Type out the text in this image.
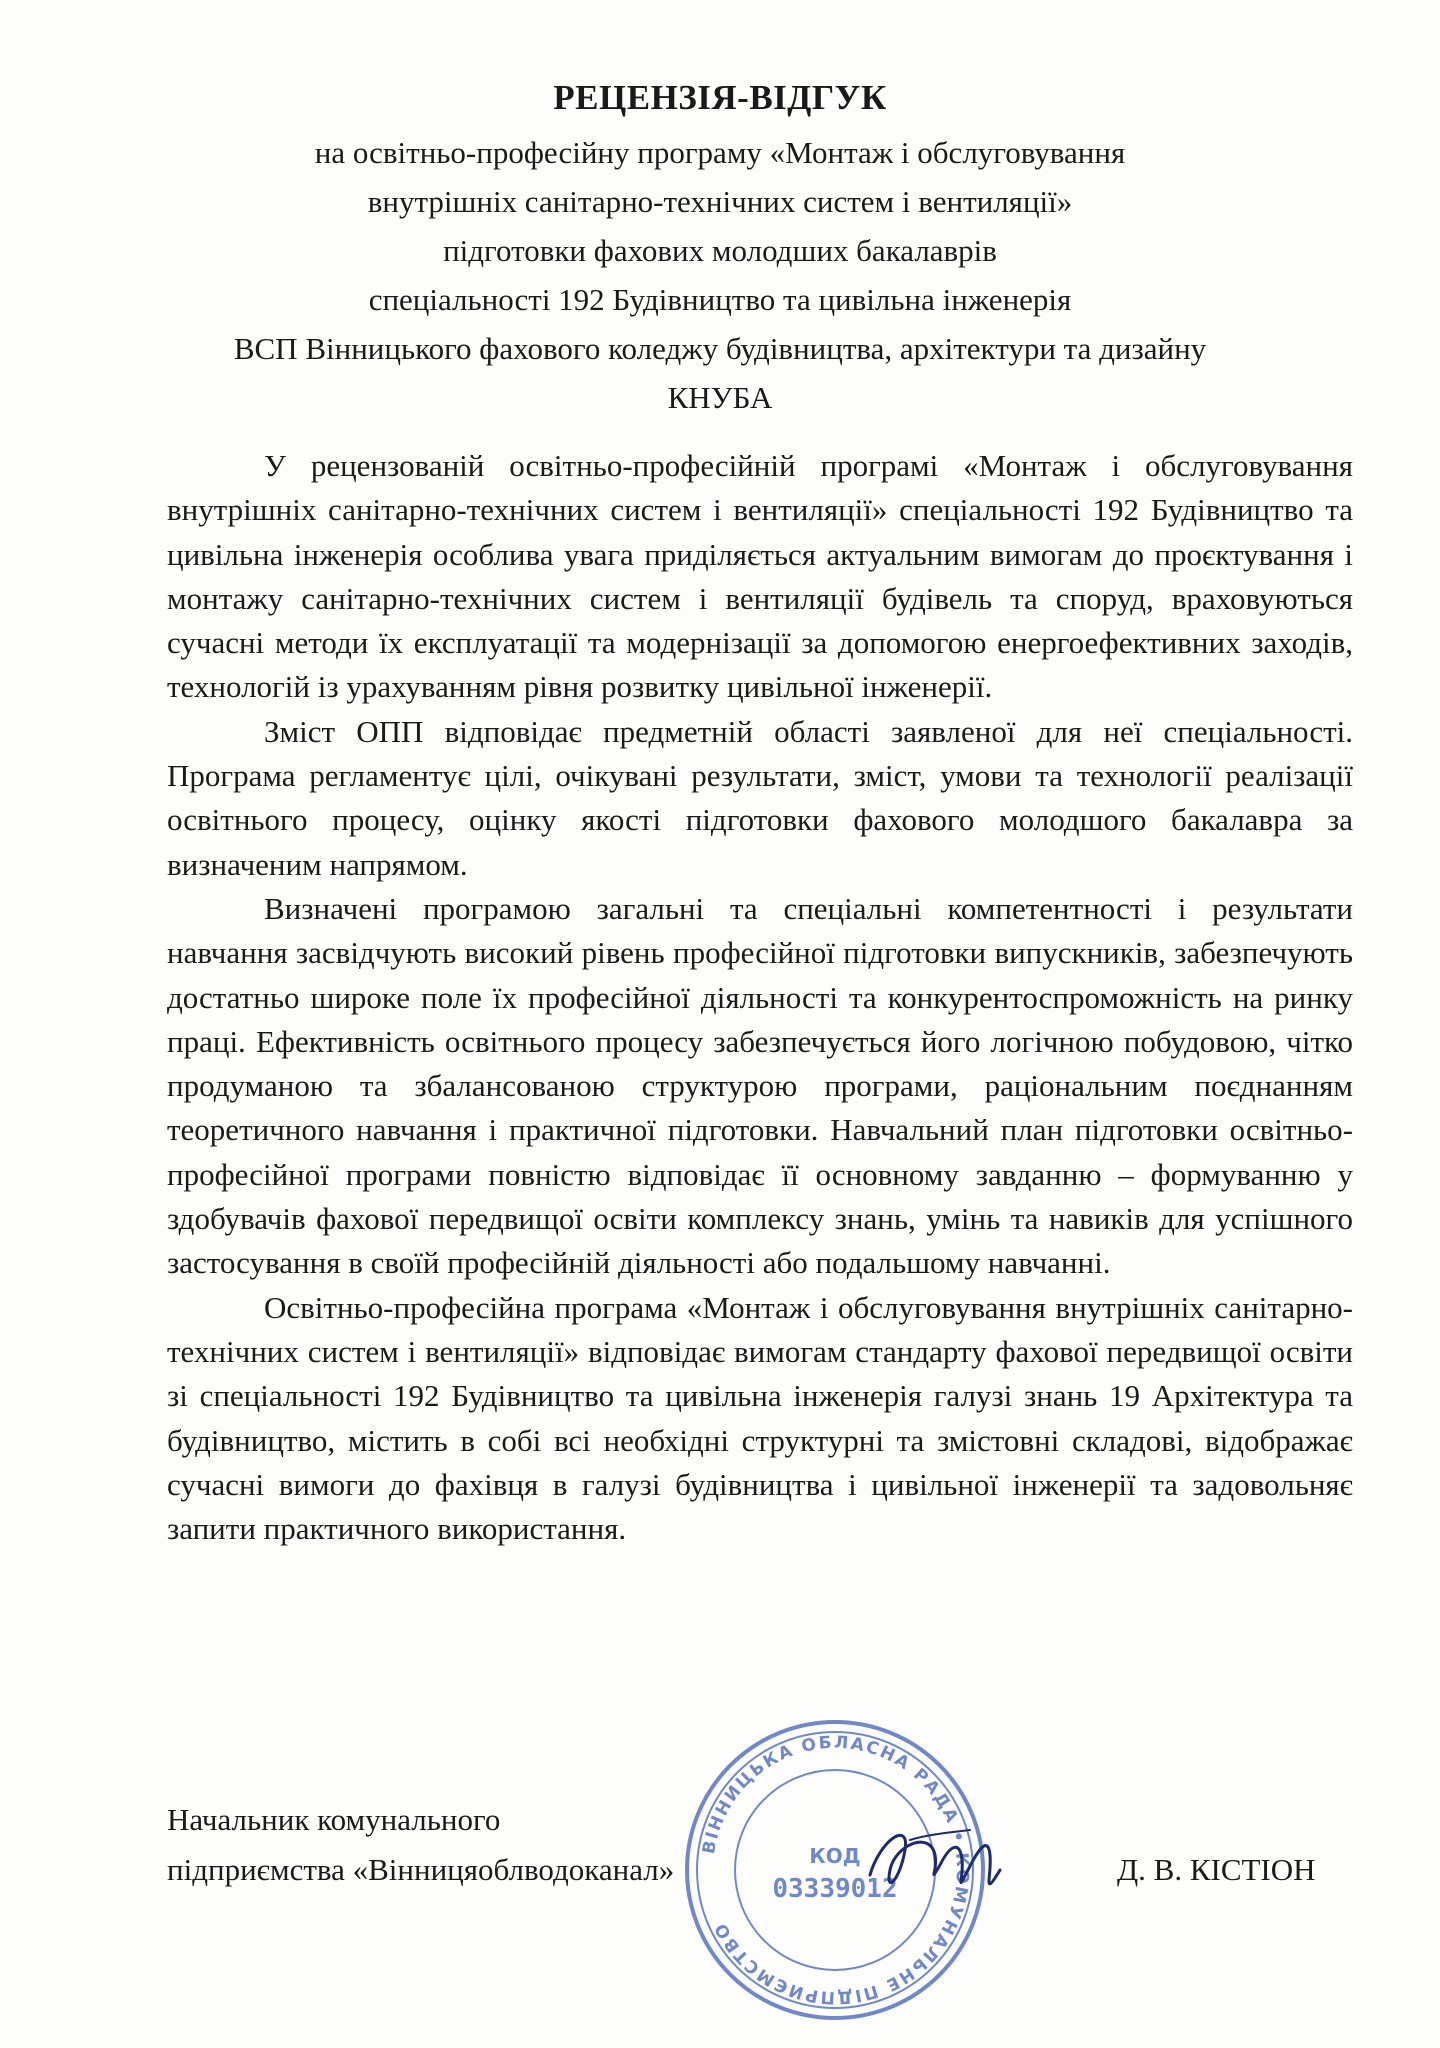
РЕЦЕНЗІЯ-ВІДГУК
на освітньо-професійну програму «Монтаж і обслуговування
внутрішніх санітарно-технічних систем і вентиляції»
підготовки фахових молодших бакалаврів
спеціальності 192 Будівництво та цивільна інженерія
ВСП Вінницького фахового коледжу будівництва, архітектури та дизайну
КНУБА

У рецензованій освітньо-професійній програмі «Монтаж і обслуговування внутрішніх санітарно-технічних систем і вентиляції» спеціальності 192 Будівництво та цивільна інженерія особлива увага приділяється актуальним вимогам до проєктування і монтажу санітарно-технічних систем і вентиляції будівель та споруд, враховуються сучасні методи їх експлуатації та модернізації за допомогою енергоефективних заходів, технологій із урахуванням рівня розвитку цивільної інженерії.

Зміст ОПП відповідає предметній області заявленої для неї спеціальності. Програма регламентує цілі, очікувані результати, зміст, умови та технології реалізації освітнього процесу, оцінку якості підготовки фахового молодшого бакалавра за визначеним напрямом.

Визначені програмою загальні та спеціальні компетентності і результати навчання засвідчують високий рівень професійної підготовки випускників, забезпечують достатньо широке поле їх професійної діяльності та конкурентоспроможність на ринку праці. Ефективність освітнього процесу забезпечується його логічною побудовою, чітко продуманою та збалансованою структурою програми, раціональним поєднанням теоретичного навчання і практичної підготовки. Навчальний план підготовки освітньо-професійної програми повністю відповідає її основному завданню – формуванню у здобувачів фахової передвищої освіти комплексу знань, умінь та навиків для успішного застосування в своїй професійній діяльності або подальшому навчанні.

Освітньо-професійна програма «Монтаж і обслуговування внутрішніх санітарно-технічних систем і вентиляції» відповідає вимогам стандарту фахової передвищої освіти зі спеціальності 192 Будівництво та цивільна інженерія галузі знань 19 Архітектура та будівництво, містить в собі всі необхідні структурні та змістовні складові, відображає сучасні вимоги до фахівця в галузі будівництва і цивільної інженерії та задовольняє запити практичного використання.

Начальник комунального
підприємства «Вінницяоблводоканал»	Д. В. КІСТІОН
ВІННИЦЬКА ОБЛАСНА РАДА • КОМУНАЛЬНЕ ПІДПРИЄМСТВО
КОД
03339012
